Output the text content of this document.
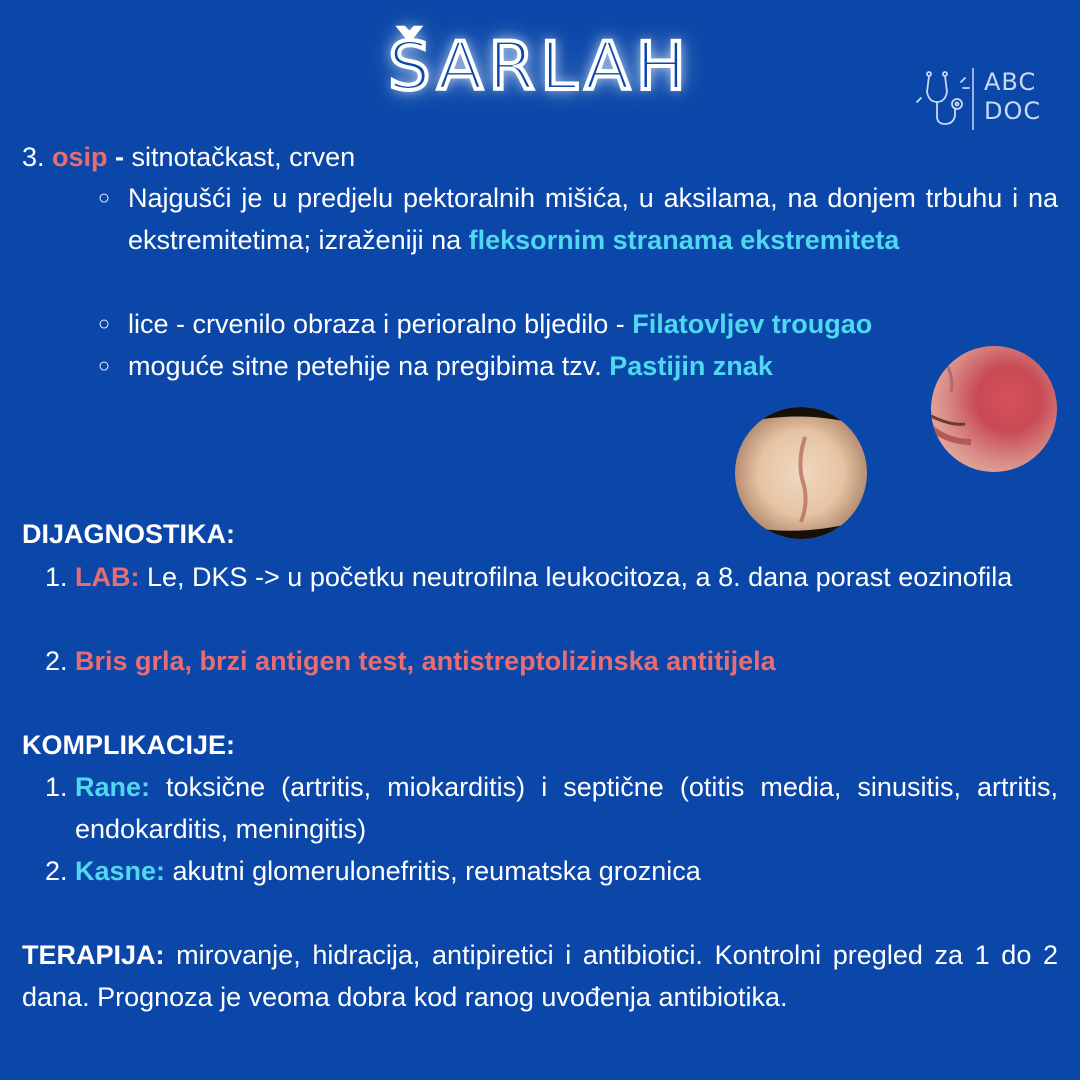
ŠARLAH	ABC
DOC
3. osip - sitnotačkast, crven
○ Najgušći je u predjelu pektoralnih mišića, u aksilama, na donjem trbuhu i na ekstremitetima; izraženiji na fleksornim stranama ekstremiteta
○ lice - crvenilo obraza i perioralno bljedilo - Filatovljev trougao
○ moguće sitne petehije na pregibima tzv. Pastijin znak
DIJAGNOSTIKA:
1. LAB: Le, DKS -> u početku neutrofilna leukocitoza, a 8. dana porast eozinofila
2. Bris grla, brzi antigen test, antistreptolizinska antitijela
KOMPLIKACIJE:
1. Rane: toksične (artritis, miokarditis) i septične (otitis media, sinusitis, artritis, endokarditis, meningitis)
2. Kasne: akutni glomerulonefritis, reumatska groznica
TERAPIJA: mirovanje, hidracija, antipiretici i antibiotici. Kontrolni pregled za 1 do 2 dana. Prognoza je veoma dobra kod ranog uvođenja antibiotika.
